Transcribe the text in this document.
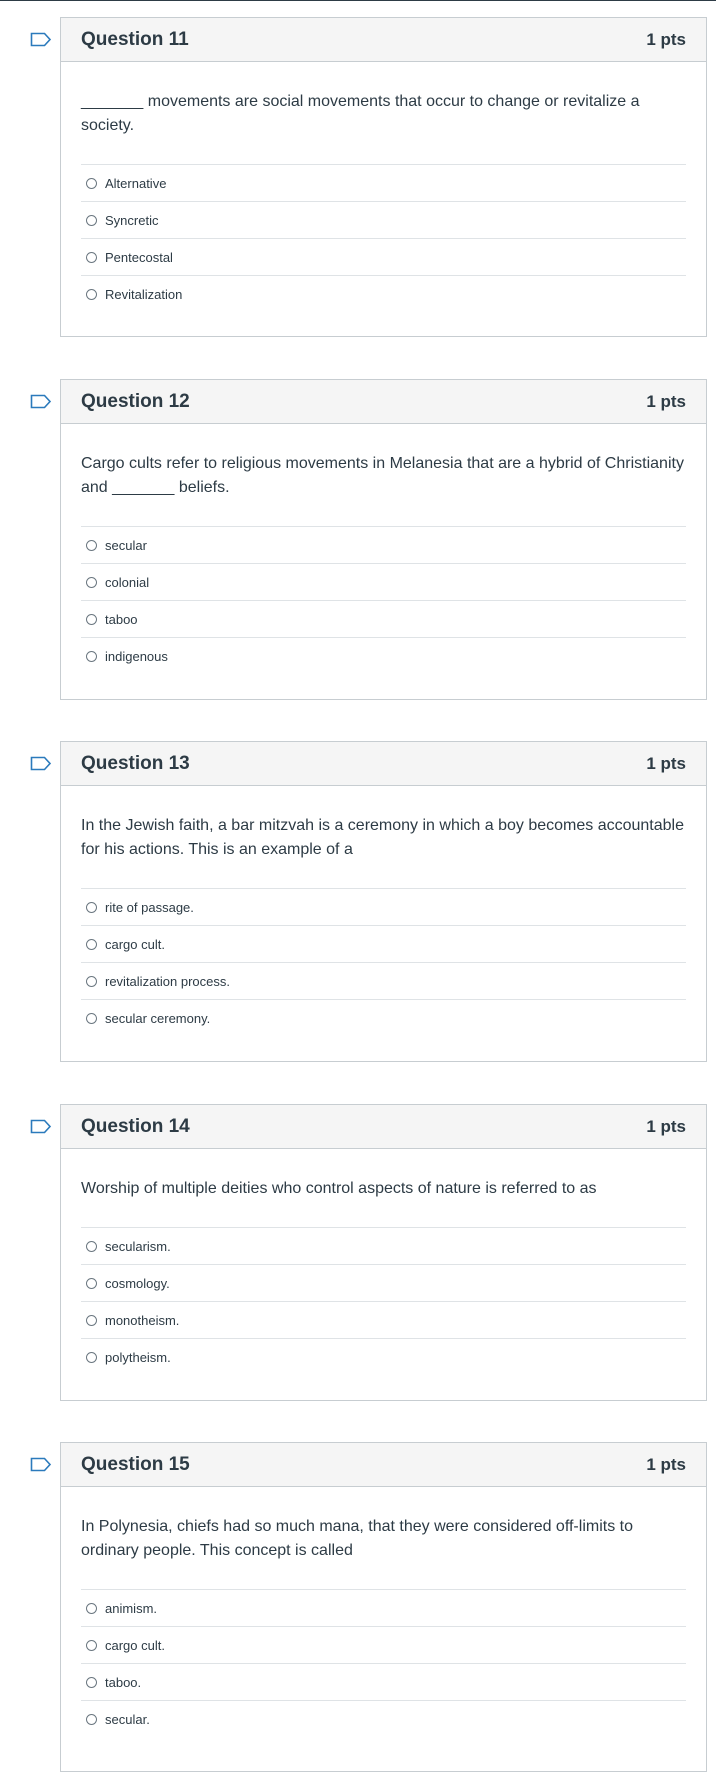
Question 11	1 pts

_______ movements are social movements that occur to change or revitalize a society.

Alternative
Syncretic
Pentecostal
Revitalization
Question 12	1 pts

Cargo cults refer to religious movements in Melanesia that are a hybrid of Christianity and _______ beliefs.

secular
colonial
taboo
indigenous
Question 13	1 pts

In the Jewish faith, a bar mitzvah is a ceremony in which a boy becomes accountable for his actions. This is an example of a

rite of passage.
cargo cult.
revitalization process.
secular ceremony.
Question 14	1 pts

Worship of multiple deities who control aspects of nature is referred to as

secularism.
cosmology.
monotheism.
polytheism.
Question 15	1 pts

In Polynesia, chiefs had so much mana, that they were considered off-limits to ordinary people. This concept is called

animism.
cargo cult.
taboo.
secular.
